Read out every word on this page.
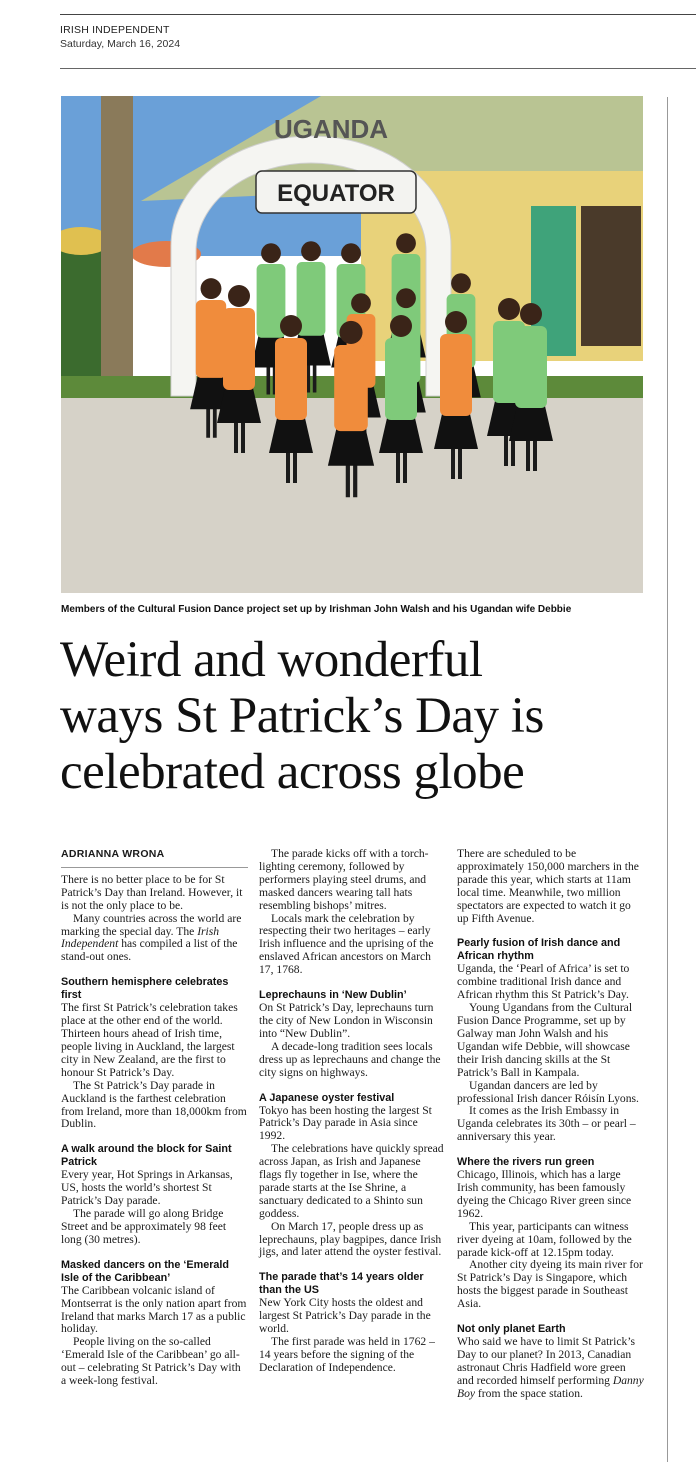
IRISH INDEPENDENT
Saturday, March 16, 2024
EQUATOR
UGANDA
Members of the Cultural Fusion Dance project set up by Irishman John Walsh and his Ugandan wife Debbie
Weird and wonderful
ways St Patrick’s Day is
celebrated across globe
ADRIANNA WRONA

There is no better place to be for St Patrick’s Day than Ireland. However, it is not the only place to be.

Many countries across the world are marking the special day. The Irish Independent has compiled a list of the stand-out ones.

Southern hemisphere celebrates first

The first St Patrick’s celebration takes place at the other end of the world. Thirteen hours ahead of Irish time, people living in Auckland, the largest city in New Zealand, are the first to honour St Patrick’s Day.

The St Patrick’s Day parade in Auckland is the farthest celebration from Ireland, more than 18,000km from Dublin.

A walk around the block for Saint Patrick

Every year, Hot Springs in Arkansas, US, hosts the world’s shortest St Patrick’s Day parade.

The parade will go along Bridge Street and be approximately 98 feet long (30 metres).

Masked dancers on the ‘Emerald Isle of the Caribbean’

The Caribbean volcanic island of Montserrat is the only nation apart from Ireland that marks March 17 as a public holiday.

People living on the so-called ‘Emerald Isle of the Caribbean’ go all-out – celebrating St Patrick’s Day with a week-long festival.

The parade kicks off with a torch-lighting ceremony, followed by performers playing steel drums, and masked dancers wearing tall hats resembling bishops’ mitres.

Locals mark the celebration by respecting their two heritages – early Irish influence and the uprising of the enslaved African ancestors on March 17, 1768.

Leprechauns in ‘New Dublin’

On St Patrick’s Day, leprechauns turn the city of New London in Wisconsin into “New Dublin”.

A decade-long tradition sees locals dress up as leprechauns and change the city signs on highways.

A Japanese oyster festival

Tokyo has been hosting the largest St Patrick’s Day parade in Asia since 1992.

The celebrations have quickly spread across Japan, as Irish and Japanese flags fly together in Ise, where the parade starts at the Ise Shrine, a sanctuary dedicated to a Shinto sun goddess.

On March 17, people dress up as leprechauns, play bagpipes, dance Irish jigs, and later attend the oyster festival.

The parade that’s 14 years older than the US

New York City hosts the oldest and largest St Patrick’s Day parade in the world.

The first parade was held in 1762 – 14 years before the signing of the Declaration of Independence.

There are scheduled to be approximately 150,000 marchers in the parade this year, which starts at 11am local time. Meanwhile, two million spectators are expected to watch it go up Fifth Avenue.

Pearly fusion of Irish dance and African rhythm

Uganda, the ‘Pearl of Africa’ is set to combine traditional Irish dance and African rhythm this St Patrick’s Day.

Young Ugandans from the Cultural Fusion Dance Programme, set up by Galway man John Walsh and his Ugandan wife Debbie, will showcase their Irish dancing skills at the St Patrick’s Ball in Kampala.

Ugandan dancers are led by professional Irish dancer Róisín Lyons.

It comes as the Irish Embassy in Uganda celebrates its 30th – or pearl – anniversary this year.

Where the rivers run green

Chicago, Illinois, which has a large Irish community, has been famously dyeing the Chicago River green since 1962.

This year, participants can witness river dyeing at 10am, followed by the parade kick-off at 12.15pm today.

Another city dyeing its main river for St Patrick’s Day is Singapore, which hosts the biggest parade in Southeast Asia.

Not only planet Earth

Who said we have to limit St Patrick’s Day to our planet? In 2013, Canadian astronaut Chris Hadfield wore green and recorded himself performing Danny Boy from the space station.
